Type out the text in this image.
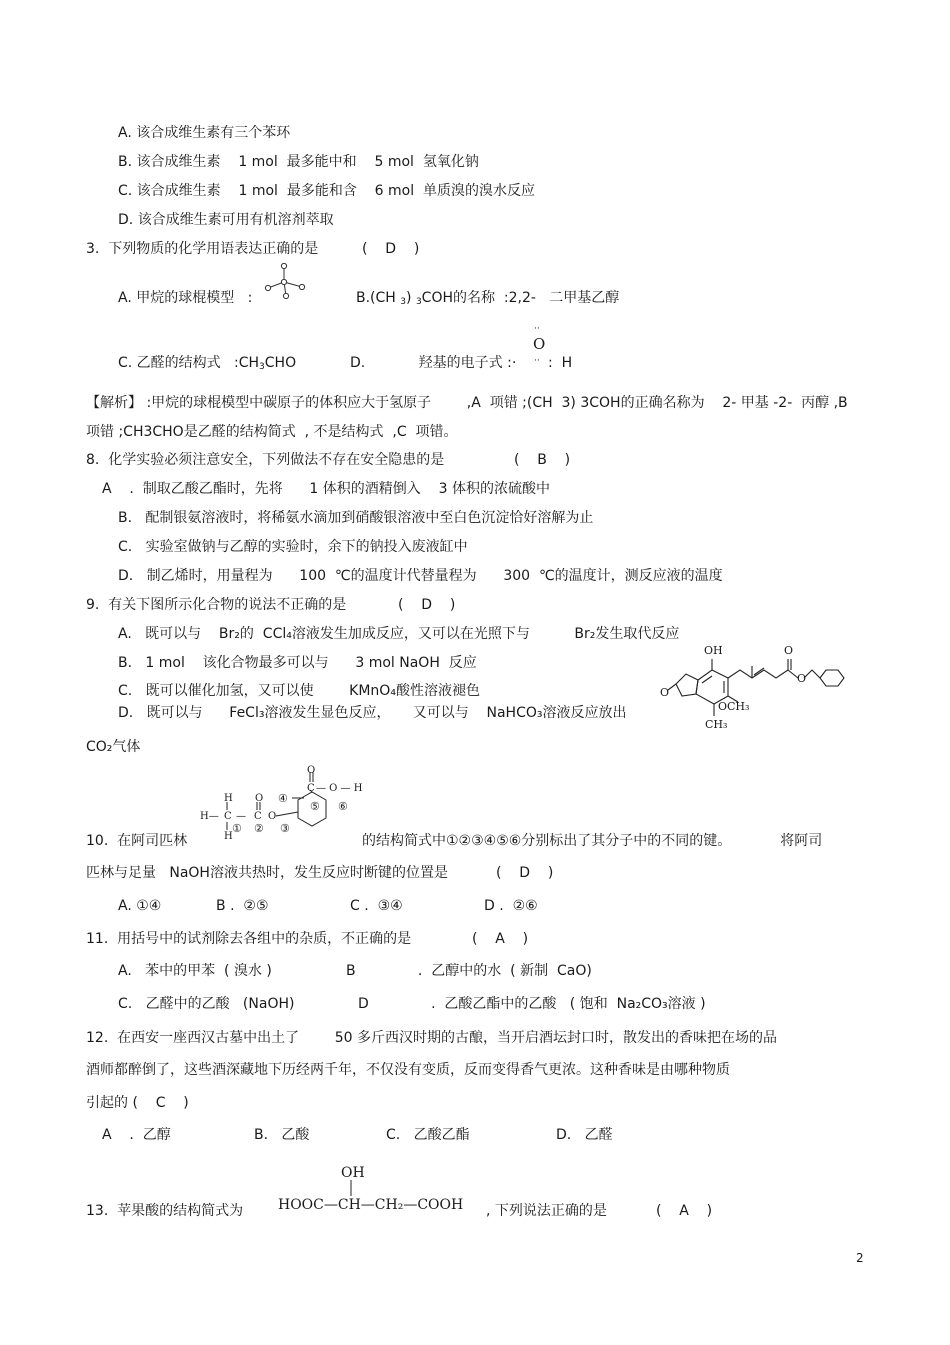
A. 该合成维生素有三个苯环
B. 该合成维生素    1 mol  最多能中和    5 mol  氢氧化钠
C. 该合成维生素    1 mol  最多能和含    6 mol  单质溴的溴水反应
D. 该合成维生素可用有机溶剂萃取
3.  下列物质的化学用语表达正确的是	(    D    )
A. 甲烷的球棍模型   :	B.(CH $_3$) $_3$COH的名称  :2,2-   二甲基乙醇
C. 乙醛的结构式   $:CH_3CHO$	D.            羟基的电子式 : ·
··
O
·· :  H
【解析】 :甲烷的球棍模型中碳原子的体积应大于氢原子        ,A  项错 ;(CH  3) 3COH的正确名称为    2- 甲基 -2-  丙醇 ,B
项错 ;CH3CHO是乙醛的结构简式  , 不是结构式  ,C  项错。
8.  化学实验必须注意安全，下列做法不存在安全隐患的是	(    B    )
A    .  制取乙酸乙酯时，先将      1 体积的酒精倒入    3 体积的浓硫酸中
B.   配制银氨溶液时，将稀氨水滴加到硝酸银溶液中至白色沉淀恰好溶解为止
C.   实验室做钠与乙醇的实验时，余下的钠投入废液缸中
D.   制乙烯时，用量程为      100  ℃的温度计代替量程为      300  ℃的温度计，测反应液的温度
9.  有关下图所示化合物的说法不正确的是	(    D    )
A.   既可以与    Br₂的  CCl₄溶液发生加成反应，又可以在光照下与          Br₂发生取代反应
B.   1 mol    该化合物最多可以与      3 mol NaOH  反应
C.   既可以催化加氢，又可以使        KMnO₄酸性溶液褪色
D.   既可以与      FeCl₃溶液发生显色反应，     又可以与    NaHCO₃溶液反应放出
CO₂气体
OH
OCH₃
CH₃
O
O
O
H
H— C — C O
H
O
O
C — O — H
① ② ③
④
⑤ ⑥
10.  在阿司匹林	的结构简式中①②③④⑤⑥分别标出了其分子中的不同的键。           将阿司
匹林与足量   NaOH溶液共热时，发生反应时断键的位置是	(    D    )
A. ①④	B .  ②⑤	C .  ③④	D .  ②⑥
11.  用括号中的试剂除去各组中的杂质，不正确的是	(    A    )
A.   苯中的甲苯  ( 溴水 )	B              .  乙醇中的水  ( 新制  CaO)
C.   乙醛中的乙酸   (NaOH)	D              .  乙酸乙酯中的乙酸   ( 饱和  Na₂CO₃溶液 )
12.  在西安一座西汉古墓中出土了        50 多斤西汉时期的古酿，当开启酒坛封口时，散发出的香味把在场的品
酒师都醉倒了，这些酒深藏地下历经两千年，不仅没有变质，反而变得香气更浓。这种香味是由哪种物质
引起的 (    C    )
A    .  乙醇	B.   乙酸	C.   乙酸乙酯	D.   乙醛
13.  苹果酸的结构简式为
OH
HOOC—CH—CH₂—COOH , 下列说法正确的是	(    A    )
2
